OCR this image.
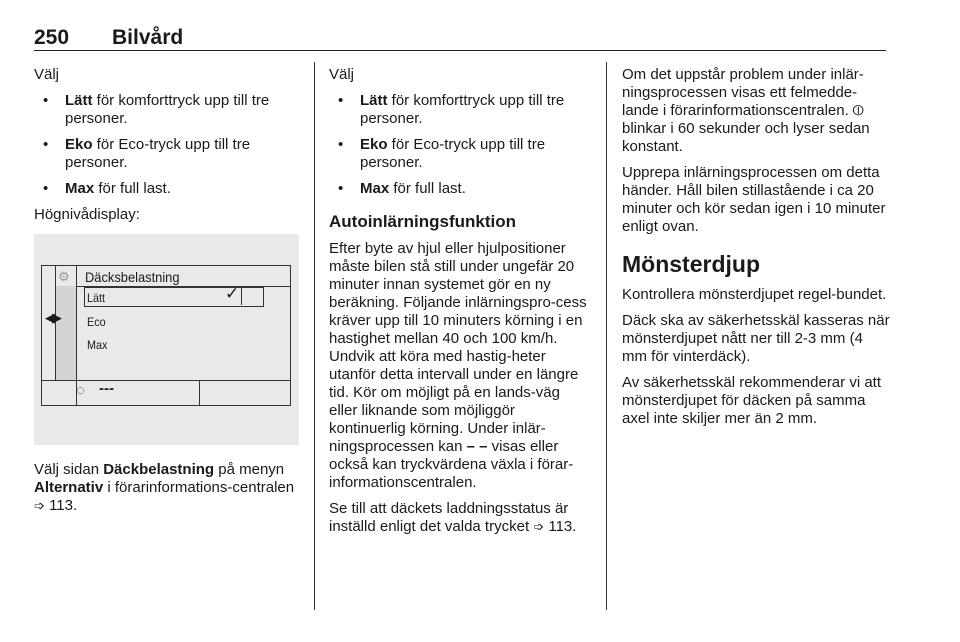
250 Bilvård

Välj

• Lätt för komforttryck upp till tre personer.
• Eko för Eco-tryck upp till tre personer.
• Max för full last.

Högnivådisplay:

⚙ Däcksbelastning
Lätt	✓
Eco
Max
◀▶
◌ ---

Välj sidan Däckbelastning på menyn Alternativ i förarinformations-centralen ➩ 113.

Välj

• Lätt för komforttryck upp till tre personer.
• Eko för Eco-tryck upp till tre personer.
• Max för full last.
Autoinlärningsfunktion

Efter byte av hjul eller hjulpositioner måste bilen stå still under ungefär 20 minuter innan systemet gör en ny beräkning. Följande inlärningspro-cess kräver upp till 10 minuters körning i en hastighet mellan 40 och 100 km/h. Undvik att köra med hastig-heter utanför detta intervall under en längre tid. Kör om möjligt på en lands-väg eller liknande som möjliggör kontinuerlig körning. Under inlär-ningsprocessen kan – – visas eller också kan tryckvärdena växla i förar-informationscentralen.

Se till att däckets laddningsstatus är inställd enligt det valda trycket ➩ 113.

Om det uppstår problem under inlär-ningsprocessen visas ett felmedde-lande i förarinformationscentralen. ⦶ blinkar i 60 sekunder och lyser sedan konstant.

Upprepa inlärningsprocessen om detta händer. Håll bilen stillastående i ca 20 minuter och kör sedan igen i 10 minuter enligt ovan.

Mönsterdjup

Kontrollera mönsterdjupet regel-bundet.

Däck ska av säkerhetsskäl kasseras när mönsterdjupet nått ner till 2-3 mm (4 mm för vinterdäck).

Av säkerhetsskäl rekommenderar vi att mönsterdjupet för däcken på samma axel inte skiljer mer än 2 mm.
